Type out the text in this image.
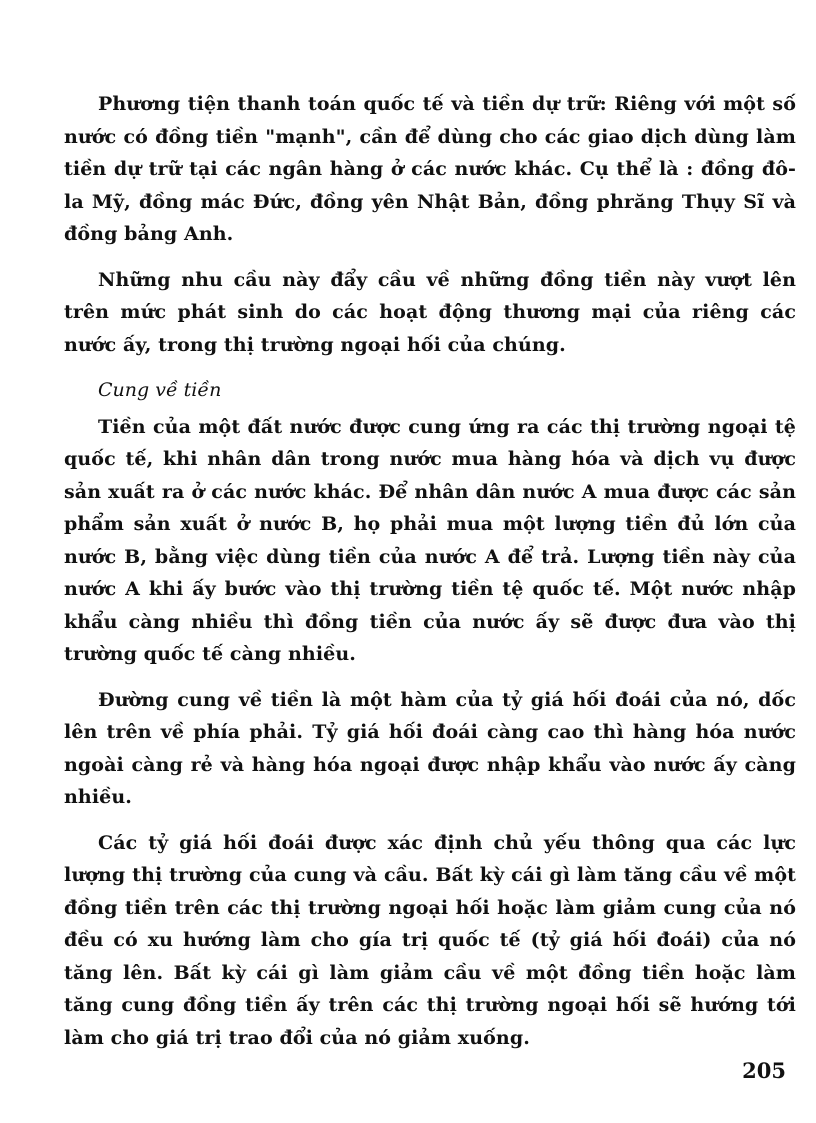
Phương tiện thanh toán quốc tế và tiền dự trữ: Riêng với một số nước có đồng tiền "mạnh", cần để dùng cho các giao dịch dùng làm tiền dự trữ tại các ngân hàng ở các nước khác. Cụ thể là : đồng đô-la Mỹ, đồng mác Đức, đồng yên Nhật Bản, đồng phrăng Thụy Sĩ và đồng bảng Anh.

Những nhu cầu này đẩy cầu về những đồng tiền này vượt lên trên mức phát sinh do các hoạt động thương mại của riêng các nước ấy, trong thị trường ngoại hối của chúng.

Cung về tiền

Tiền của một đất nước được cung ứng ra các thị trường ngoại tệ quốc tế, khi nhân dân trong nước mua hàng hóa và dịch vụ được sản xuất ra ở các nước khác. Để nhân dân nước A mua được các sản phẩm sản xuất ở nước B, họ phải mua một lượng tiền đủ lớn của nước B, bằng việc dùng tiền của nước A để trả. Lượng tiền này của nước A khi ấy bước vào thị trường tiền tệ quốc tế. Một nước nhập khẩu càng nhiều thì đồng tiền của nước ấy sẽ được đưa vào thị trường quốc tế càng nhiều.

Đường cung về tiền là một hàm của tỷ giá hối đoái của nó, dốc lên trên về phía phải. Tỷ giá hối đoái càng cao thì hàng hóa nước ngoài càng rẻ và hàng hóa ngoại được nhập khẩu vào nước ấy càng nhiều.

Các tỷ giá hối đoái được xác định chủ yếu thông qua các lực lượng thị trường của cung và cầu. Bất kỳ cái gì làm tăng cầu về một đồng tiền trên các thị trường ngoại hối hoặc làm giảm cung của nó đều có xu hướng làm cho gía trị quốc tế (tỷ giá hối đoái) của nó tăng lên. Bất kỳ cái gì làm giảm cầu về một đồng tiền hoặc làm tăng cung đồng tiền ấy trên các thị trường ngoại hối sẽ hướng tới làm cho giá trị trao đổi của nó giảm xuống.

205
